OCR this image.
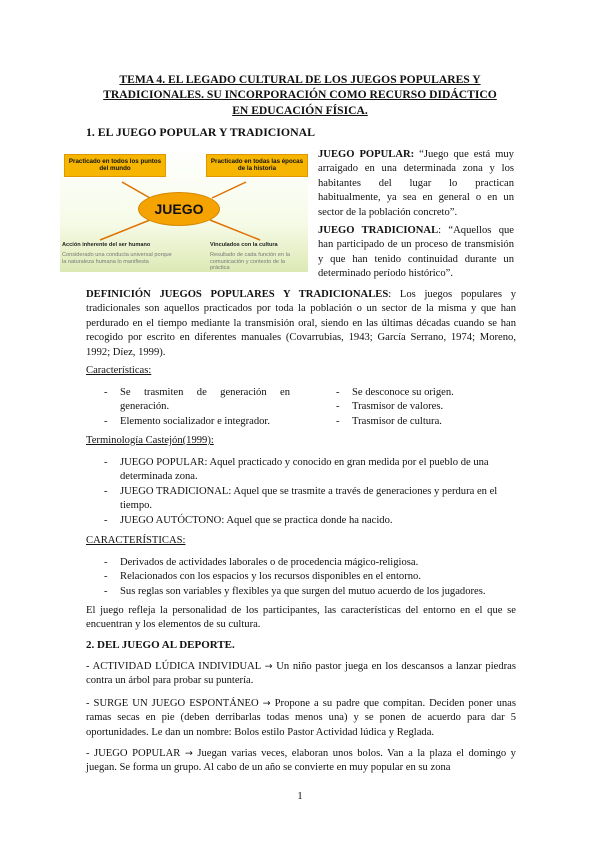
TEMA 4. EL LEGADO CULTURAL DE LOS JUEGOS POPULARES Y
TRADICIONALES. SU INCORPORACIÓN COMO RECURSO DIDÁCTICO
EN EDUCACIÓN FÍSICA.
1. EL JUEGO POPULAR Y TRADICIONAL
Practicado en todos los puntos del mundo
Practicado en todas las épocas de la historia
JUEGO
Acción inherente del ser humano
Considerado una conducta universal porque la naturaleza humana lo manifiesta
Vinculados con la cultura
Resultado de cada función en la comunicación y contexto de la práctica
JUEGO POPULAR: “Juego que está muy arraigado en una determinada zona y los habitantes del lugar lo practican habitualmente, ya sea en general o en un sector de la población concreto”.
JUEGO TRADICIONAL: “Aquellos que han participado de un proceso de transmisión y que han tenido continuidad durante un determinado período histórico”.
DEFINICIÓN JUEGOS POPULARES Y TRADICIONALES: Los juegos populares y tradicionales son aquellos practicados por toda la población o un sector de la misma y que han perdurado en el tiempo mediante la transmisión oral, siendo en las últimas décadas cuando se han recogido por escrito en diferentes manuales (Covarrubias, 1943; García Serrano, 1974; Moreno, 1992; Díez, 1999).
Características:
- Se trasmiten de generación en generación.
- Elemento socializador e integrador.
- Se desconoce su origen.
- Trasmisor de valores.
- Trasmisor de cultura.
Terminología Castejón(1999):
- JUEGO POPULAR: Aquel practicado y conocido en gran medida por el pueblo de una determinada zona.
- JUEGO TRADICIONAL: Aquel que se trasmite a través de generaciones y perdura en el tiempo.
- JUEGO AUTÓCTONO: Aquel que se practica donde ha nacido.
CARACTERÍSTICAS:
- Derivados de actividades laborales o de procedencia mágico-religiosa.
- Relacionados con los espacios y los recursos disponibles en el entorno.
- Sus reglas son variables y flexibles ya que surgen del mutuo acuerdo de los jugadores.
El juego refleja la personalidad de los participantes, las características del entorno en el que se encuentran y los elementos de su cultura.
2. DEL JUEGO AL DEPORTE.
- ACTIVIDAD LÚDICA INDIVIDUAL → Un niño pastor juega en los descansos a lanzar piedras contra un árbol para probar su puntería.
- SURGE UN JUEGO ESPONTÁNEO → Propone a su padre que compitan. Deciden poner unas ramas secas en pie (deben derribarlas todas menos una) y se ponen de acuerdo para dar 5 oportunidades. Le dan un nombre: Bolos estilo Pastor Actividad lúdica y Reglada.
- JUEGO POPULAR → Juegan varias veces, elaboran unos bolos. Van a la plaza el domingo y juegan. Se forma un grupo. Al cabo de un año se convierte en muy popular en su zona
1
